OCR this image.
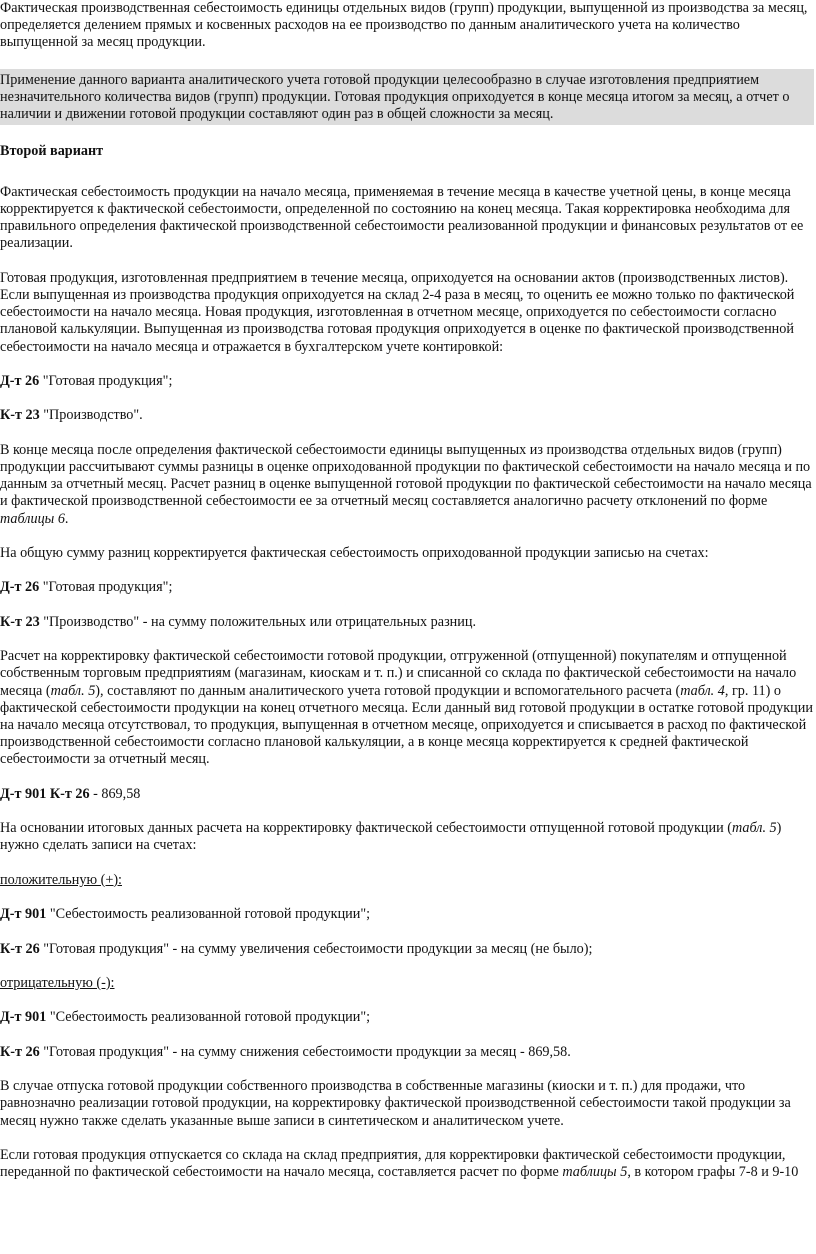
Фактическая производственная себестоимость единицы отдельных видов (групп) продукции, выпущенной из производства за месяц, определяется делением прямых и косвенных расходов на ее производство по данным аналитического учета на количество выпущенной за месяц продукции.

Применение данного варианта аналитического учета готовой продукции целесообразно в случае изготовления предприятием незначительного количества видов (групп) продукции. Готовая продукция оприходуется в конце месяца итогом за месяц, а отчет о наличии и движении готовой продукции составляют один раз в общей сложности за месяц.

Второй вариант

Фактическая себестоимость продукции на начало месяца, применяемая в течение месяца в качестве учетной цены, в конце месяца корректируется к фактической себестоимости, определенной по состоянию на конец месяца. Такая корректировка необходима для правильного определения фактической производственной себестоимости реализованной продукции и финансовых результатов от ее реализации.

Готовая продукция, изготовленная предприятием в течение месяца, оприходуется на основании актов (производственных листов). Если выпущенная из производства продукция оприходуется на склад 2-4 раза в месяц, то оценить ее можно только по фактической себестоимости на начало месяца. Новая продукция, изготовленная в отчетном месяце, оприходуется по себестоимости согласно плановой калькуляции. Выпущенная из производства готовая продукция оприходуется в оценке по фактической производственной себестоимости на начало месяца и отражается в бухгалтерском учете контировкой:

Д-т 26 "Готовая продукция";

К-т 23 "Производство".

В конце месяца после определения фактической себестоимости единицы выпущенных из производства отдельных видов (групп) продукции рассчитывают суммы разницы в оценке оприходованной продукции по фактической себестоимости на начало месяца и по данным за отчетный месяц. Расчет разниц в оценке выпущенной готовой продукции по фактической себестоимости на начало месяца и фактической производственной себестоимости ее за отчетный месяц составляется аналогично расчету отклонений по форме таблицы 6.

На общую сумму разниц корректируется фактическая себестоимость оприходованной продукции записью на счетах:

Д-т 26 "Готовая продукция";

К-т 23 "Производство" - на сумму положительных или отрицательных разниц.

Расчет на корректировку фактической себестоимости готовой продукции, отгруженной (отпущенной) покупателям и отпущенной собственным торговым предприятиям (магазинам, киоскам и т. п.) и списанной со склада по фактической себестоимости на начало месяца (табл. 5), составляют по данным аналитического учета готовой продукции и вспомогательного расчета (табл. 4, гр. 11) о фактической себестоимости продукции на конец отчетного месяца. Если данный вид готовой продукции в остатке готовой продукции на начало месяца отсутствовал, то продукция, выпущенная в отчетном месяце, оприходуется и списывается в расход по фактической производственной себестоимости согласно плановой калькуляции, а в конце месяца корректируется к средней фактической себестоимости за отчетный месяц.

Д-т 901 К-т 26 - 869,58

На основании итоговых данных расчета на корректировку фактической себестоимости отпущенной готовой продукции (табл. 5) нужно сделать записи на счетах:

положительную (+):

Д-т 901 "Себестоимость реализованной готовой продукции";

К-т 26 "Готовая продукция" - на сумму увеличения себестоимости продукции за месяц (не было);

отрицательную (-):

Д-т 901 "Себестоимость реализованной готовой продукции";

К-т 26 "Готовая продукция" - на сумму снижения себестоимости продукции за месяц - 869,58.

В случае отпуска готовой продукции собственного производства в собственные магазины (киоски и т. п.) для продажи, что равнозначно реализации готовой продукции, на корректировку фактической производственной себестоимости такой продукции за месяц нужно также сделать указанные выше записи в синтетическом и аналитическом учете.

Если готовая продукция отпускается со склада на склад предприятия, для корректировки фактической себестоимости продукции, переданной по фактической себестоимости на начало месяца, составляется расчет по форме таблицы 5, в котором графы 7-8 и 9-10
